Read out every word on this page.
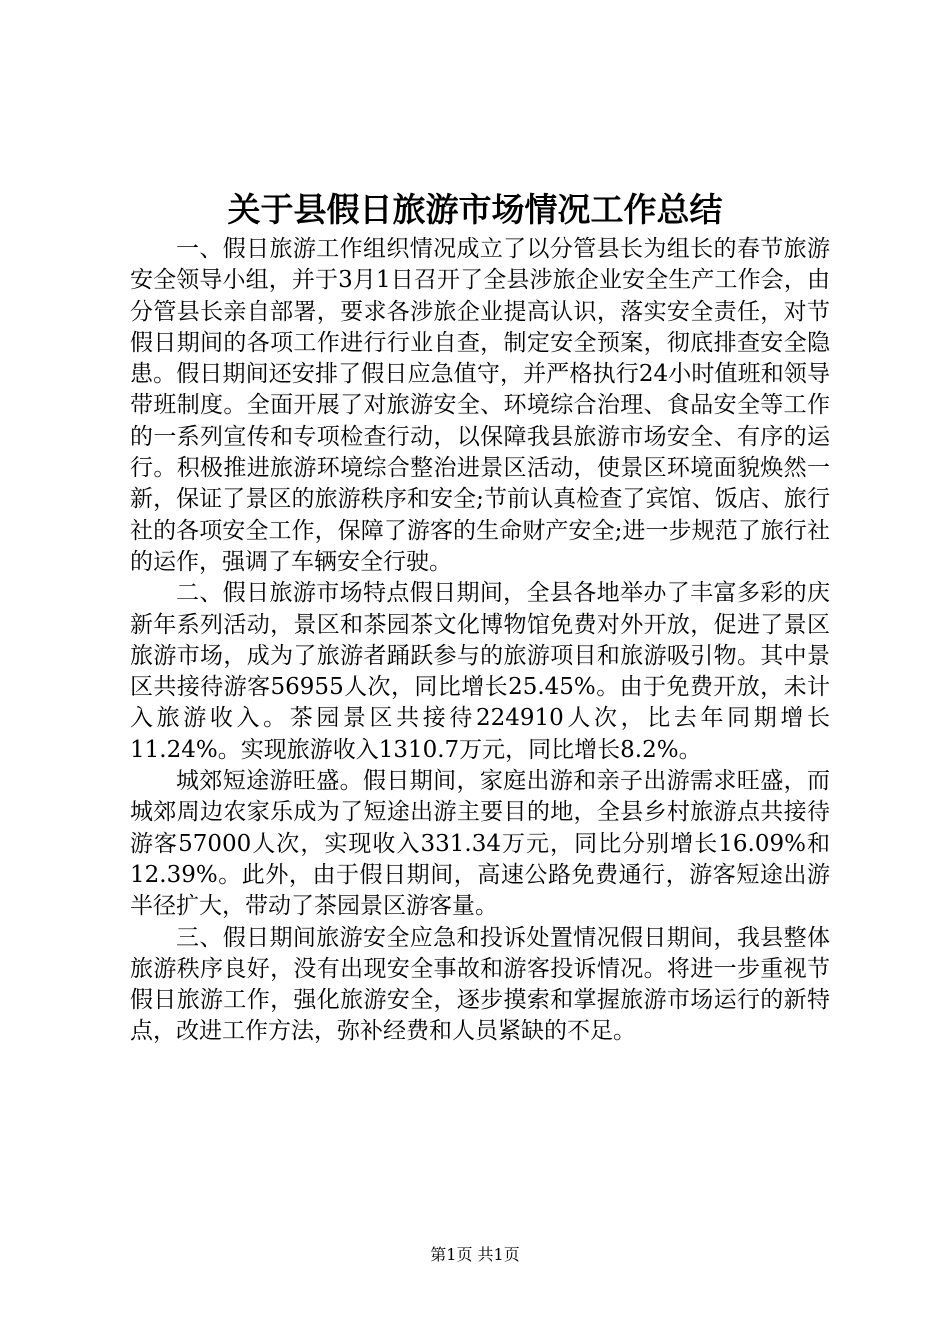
关于县假日旅游市场情况工作总结

一、假日旅游工作组织情况成立了以分管县长为组长的春节旅游安全领导小组，并于3月1日召开了全县涉旅企业安全生产工作会，由分管县长亲自部署，要求各涉旅企业提高认识，落实安全责任，对节假日期间的各项工作进行行业自查，制定安全预案，彻底排查安全隐患。假日期间还安排了假日应急值守，并严格执行24小时值班和领导带班制度。全面开展了对旅游安全、环境综合治理、食品安全等工作的一系列宣传和专项检查行动，以保障我县旅游市场安全、有序的运行。积极推进旅游环境综合整治进景区活动，使景区环境面貌焕然一新，保证了景区的旅游秩序和安全;节前认真检查了宾馆、饭店、旅行社的各项安全工作，保障了游客的生命财产安全;进一步规范了旅行社的运作，强调了车辆安全行驶。

二、假日旅游市场特点假日期间，全县各地举办了丰富多彩的庆新年系列活动，景区和茶园茶文化博物馆免费对外开放，促进了景区旅游市场，成为了旅游者踊跃参与的旅游项目和旅游吸引物。其中景区共接待游客56955人次，同比增长25.45%。由于免费开放，未计入旅游收入。茶园景区共接待224910人次，比去年同期增长11.24%。实现旅游收入1310.7万元，同比增长8.2%。

城郊短途游旺盛。假日期间，家庭出游和亲子出游需求旺盛，而城郊周边农家乐成为了短途出游主要目的地，全县乡村旅游点共接待游客57000人次，实现收入331.34万元，同比分别增长16.09%和12.39%。此外，由于假日期间，高速公路免费通行，游客短途出游半径扩大，带动了茶园景区游客量。

三、假日期间旅游安全应急和投诉处置情况假日期间，我县整体旅游秩序良好，没有出现安全事故和游客投诉情况。将进一步重视节假日旅游工作，强化旅游安全，逐步摸索和掌握旅游市场运行的新特点，改进工作方法，弥补经费和人员紧缺的不足。

第1页 共1页
